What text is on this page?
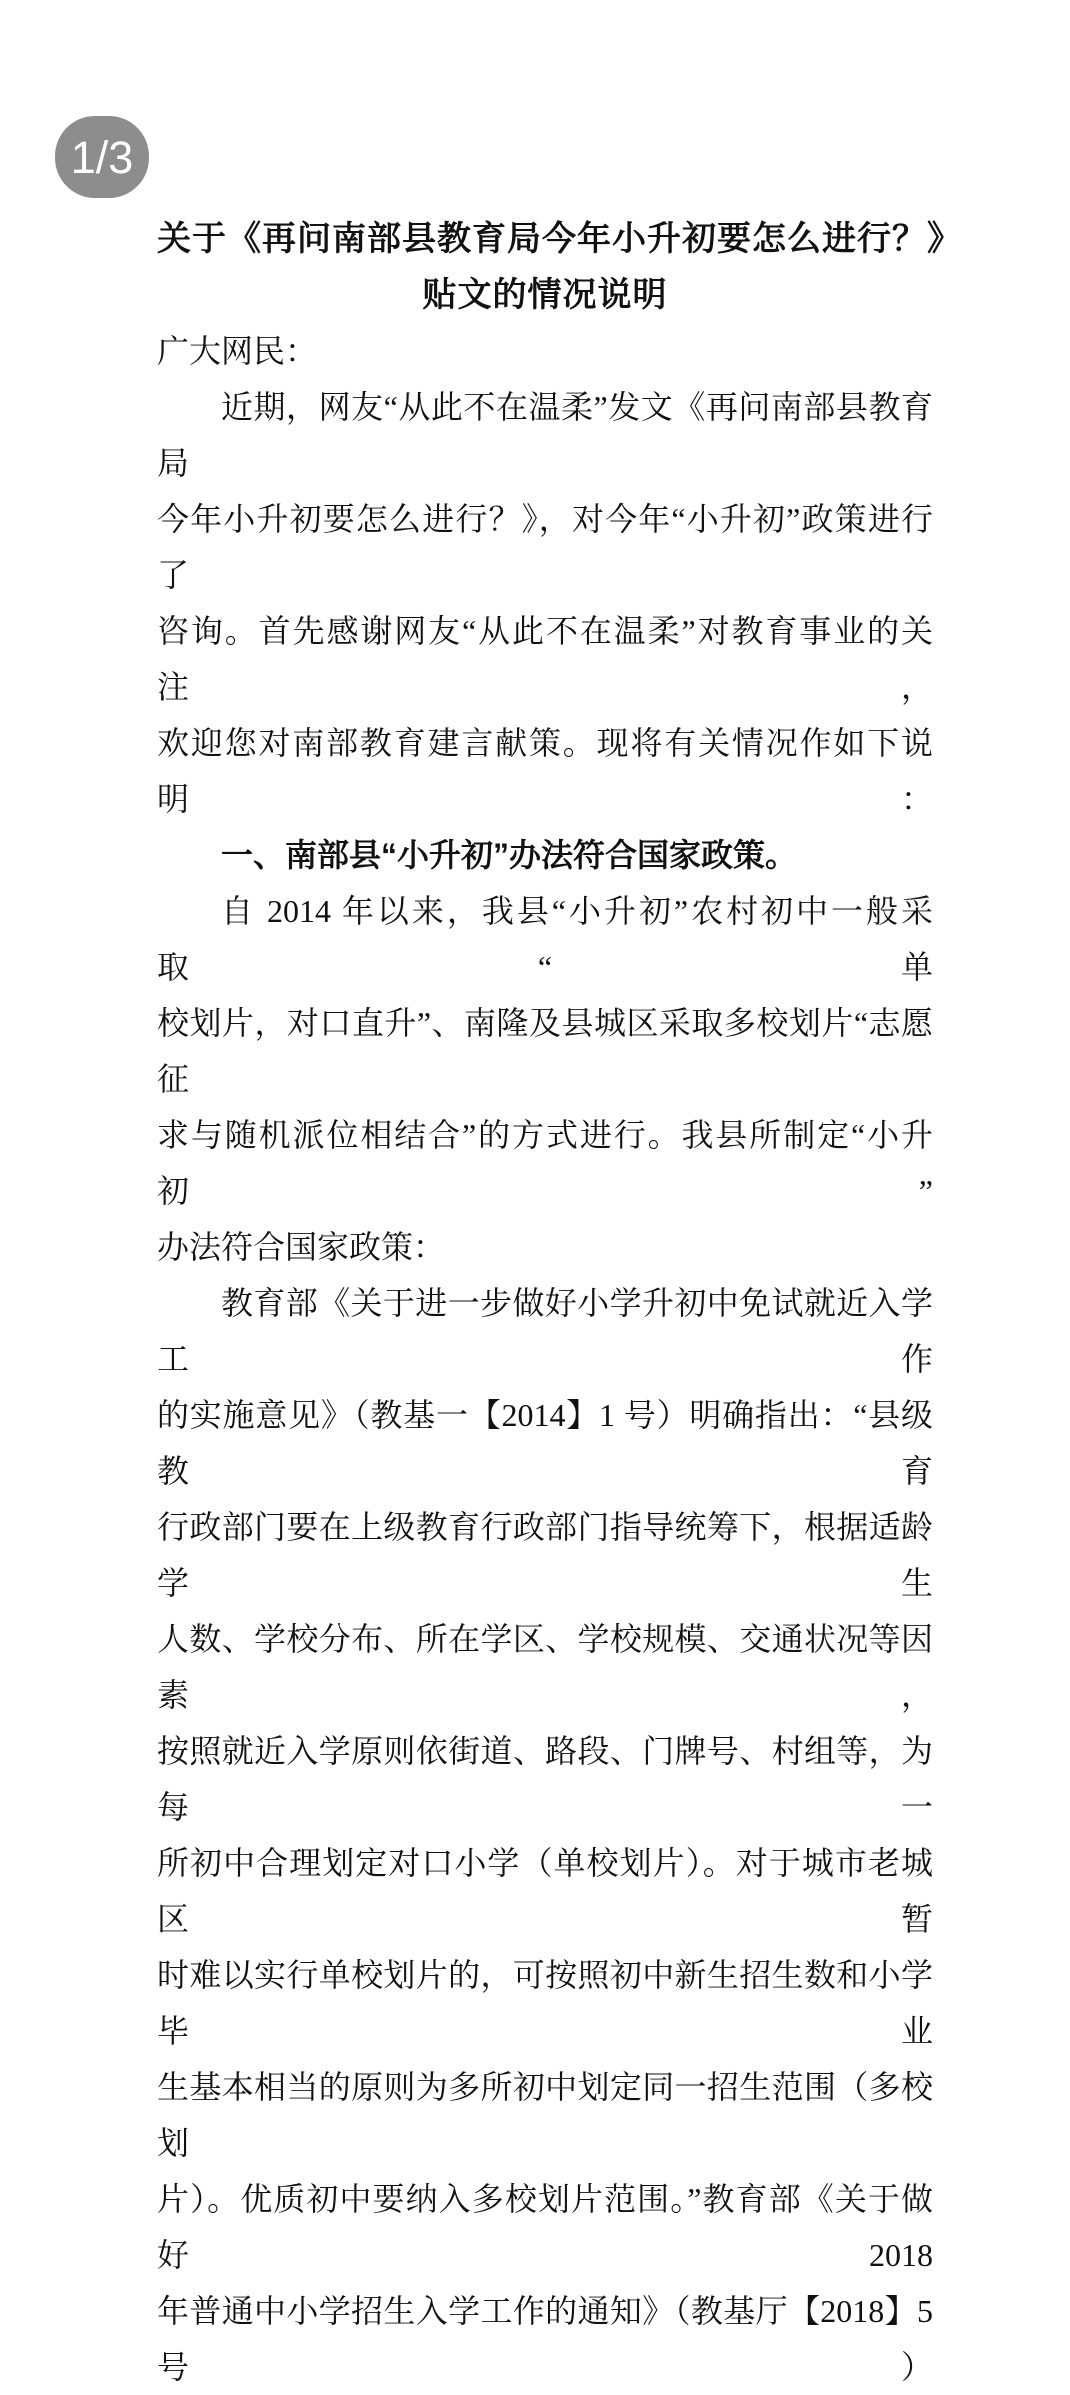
1/3
关于《再问南部县教育局今年小升初要怎么进行？》
贴文的情况说明

广大网民：

近期，网友“从此不在温柔”发文《再问南部县教育局

今年小升初要怎么进行？》，对今年“小升初”政策进行了

咨询。首先感谢网友“从此不在温柔”对教育事业的关注，

欢迎您对南部教育建言献策。现将有关情况作如下说明：

一、南部县“小升初”办法符合国家政策。

自 2014 年以来，我县“小升初”农村初中一般采取“单

校划片，对口直升”、南隆及县城区采取多校划片“志愿征

求与随机派位相结合”的方式进行。我县所制定“小升初”

办法符合国家政策：

教育部《关于进一步做好小学升初中免试就近入学工作

的实施意见》（教基一【2014】1 号）明确指出：“县级教育

行政部门要在上级教育行政部门指导统筹下，根据适龄学生

人数、学校分布、所在学区、学校规模、交通状况等因素，

按照就近入学原则依街道、路段、门牌号、村组等，为每一

所初中合理划定对口小学（单校划片）。对于城市老城区暂

时难以实行单校划片的，可按照初中新生招生数和小学毕业

生基本相当的原则为多所初中划定同一招生范围（多校划

片）。优质初中要纳入多校划片范围。”教育部《关于做好 2018

年普通中小学招生入学工作的通知》（教基厅【2018】5 号）
